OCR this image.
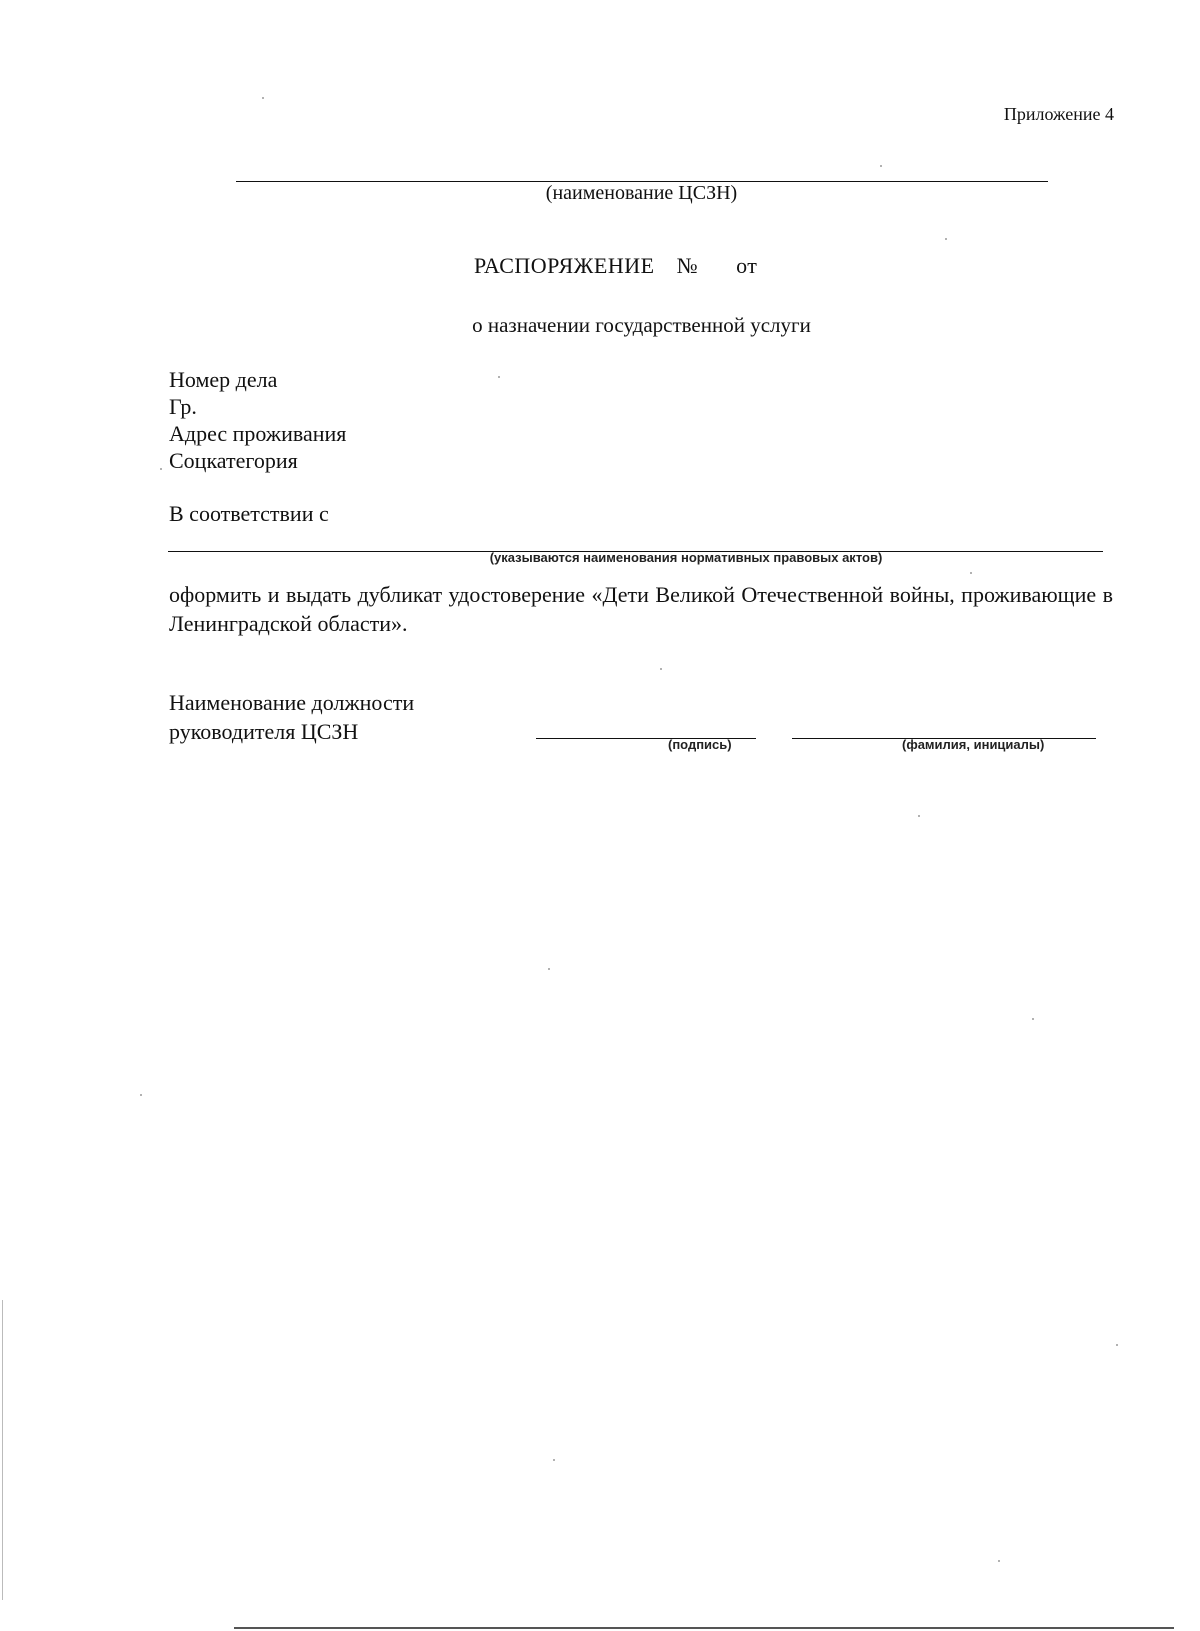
Приложение 4
(наименование ЦСЗН)
РАСПОРЯЖЕНИЕ № от
о назначении государственной услуги
Номер дела
Гр.
Адрес проживания
Соцкатегория
В соответствии с
(указываются наименования нормативных правовых актов)
оформить и выдать дубликат удостоверение «Дети Великой Отечественной войны, проживающие в Ленинградской области».
Наименование должности
руководителя ЦСЗН
(подпись)	(фамилия, инициалы)
